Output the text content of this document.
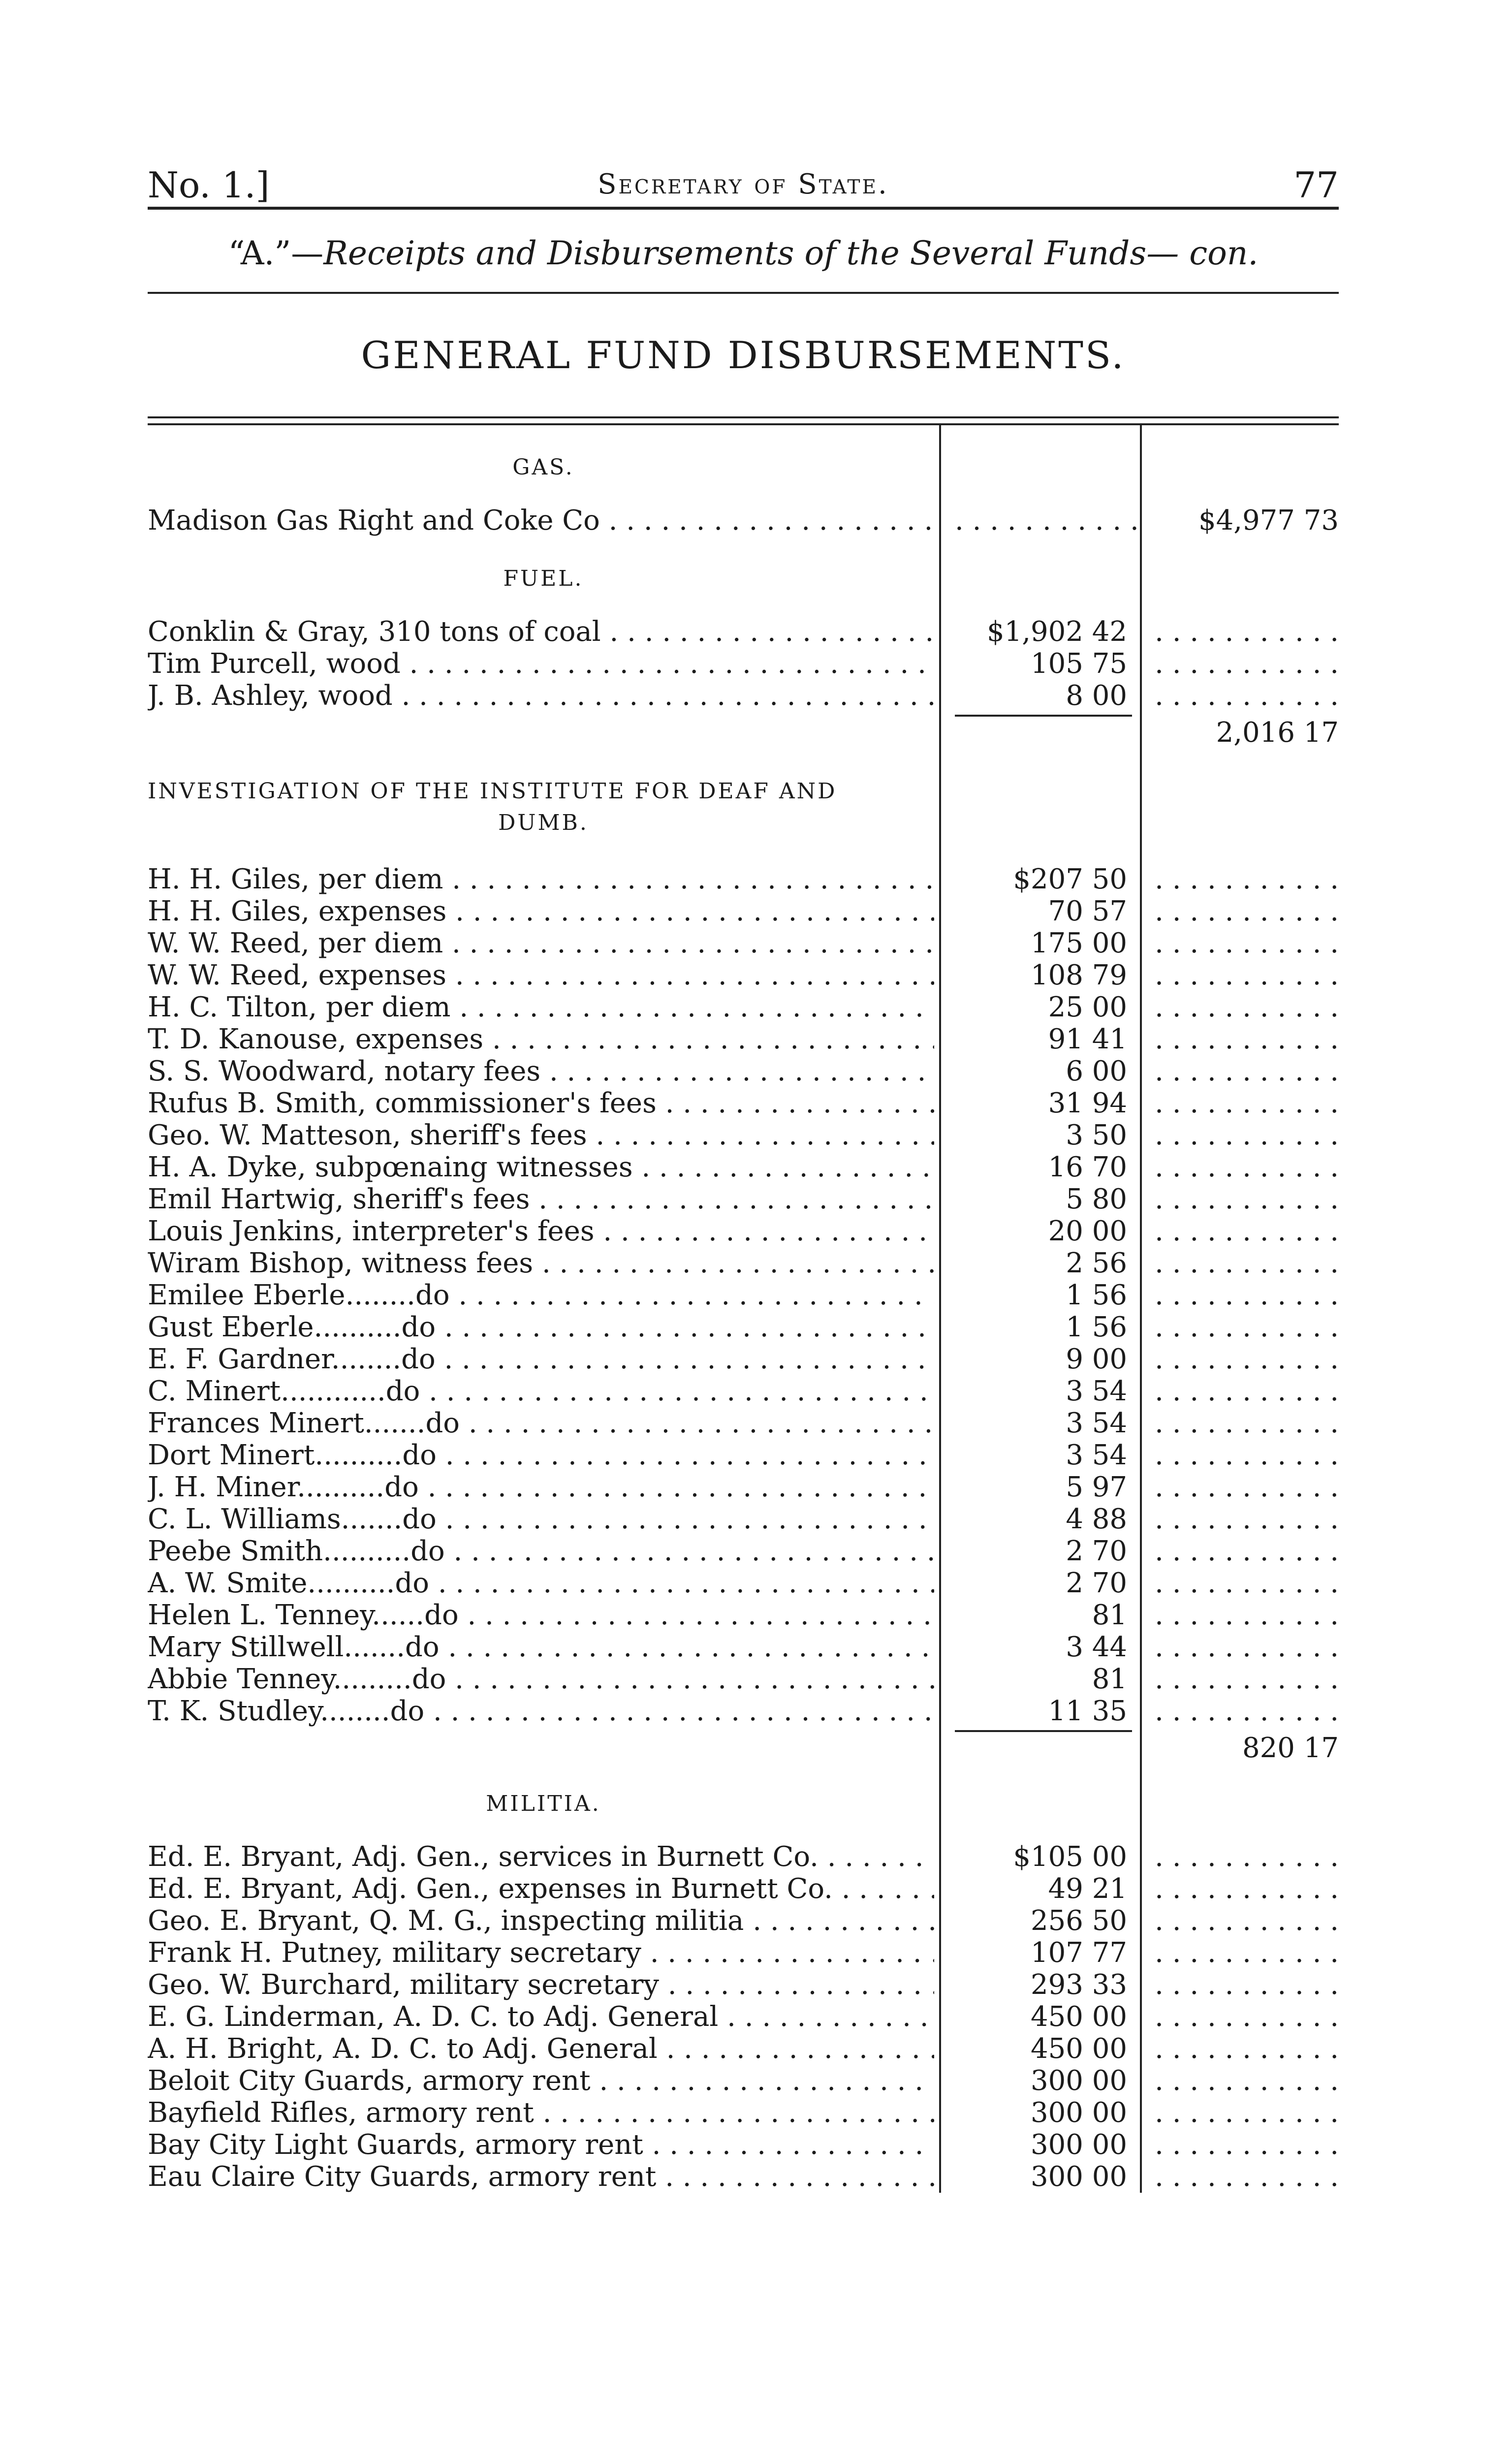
No. 1.]	Secretary of State.	77
“A.”—Receipts and Disbursements of the Several Funds— con.
GENERAL FUND DISBURSEMENTS.
GAS.
Madison Gas Right and Coke Co . . .
. . .	$4,977 73
FUEL.
Conklin & Gray, 310 tons of coal . . .	$1,902 42
. . .
Tim Purcell, wood . . .	105 75
. . .
J. B. Ashley, wood . . .	8 00
. . .
2,016 17
INVESTIGATION OF THE INSTITUTE FOR DEAF AND
DUMB.
H. H. Giles, per diem . . .	$207 50
. . .
H. H. Giles, expenses . . .	70 57
. . .
W. W. Reed, per diem . . .	175 00
. . .
W. W. Reed, expenses . . .	108 79
. . .
H. C. Tilton, per diem . . .	25 00
. . .
T. D. Kanouse, expenses . . .	91 41
. . .
S. S. Woodward, notary fees . . .	6 00
. . .
Rufus B. Smith, commissioner's fees . . .	31 94
. . .
Geo. W. Matteson, sheriff's fees . . .	3 50
. . .
H. A. Dyke, subpœnaing witnesses . . .	16 70
. . .
Emil Hartwig, sheriff's fees . . .	5 80
. . .
Louis Jenkins, interpreter's fees . . .	20 00
. . .
Wiram Bishop, witness fees . . .	2 56
. . .
Emilee Eberle........do . . .	1 56
. . .
Gust Eberle..........do . . .	1 56
. . .
E. F. Gardner........do . . .	9 00
. . .
C. Minert............do . . .	3 54
. . .
Frances Minert.......do . . .	3 54
. . .
Dort Minert..........do . . .	3 54
. . .
J. H. Miner..........do . . .	5 97
. . .
C. L. Williams.......do . . .	4 88
. . .
Peebe Smith..........do . . .	2 70
. . .
A. W. Smite..........do . . .	2 70
. . .
Helen L. Tenney......do . . .	81
. . .
Mary Stillwell.......do . . .	3 44
. . .
Abbie Tenney.........do . . .	81
. . .
T. K. Studley........do . . .	11 35
. . .
820 17
MILITIA.
Ed. E. Bryant, Adj. Gen., services in Burnett Co. . . .	$105 00
. . .
Ed. E. Bryant, Adj. Gen., expenses in Burnett Co. . . .	49 21
. . .
Geo. E. Bryant, Q. M. G., inspecting militia . . .	256 50
. . .
Frank H. Putney, military secretary . . .	107 77
. . .
Geo. W. Burchard, military secretary . . .	293 33
. . .
E. G. Linderman, A. D. C. to Adj. General . . .	450 00
. . .
A. H. Bright, A. D. C. to Adj. General . . .	450 00
. . .
Beloit City Guards, armory rent . . .	300 00
. . .
Bayfield Rifles, armory rent . . .	300 00
. . .
Bay City Light Guards, armory rent . . .	300 00
. . .
Eau Claire City Guards, armory rent . . .	300 00
. . .
